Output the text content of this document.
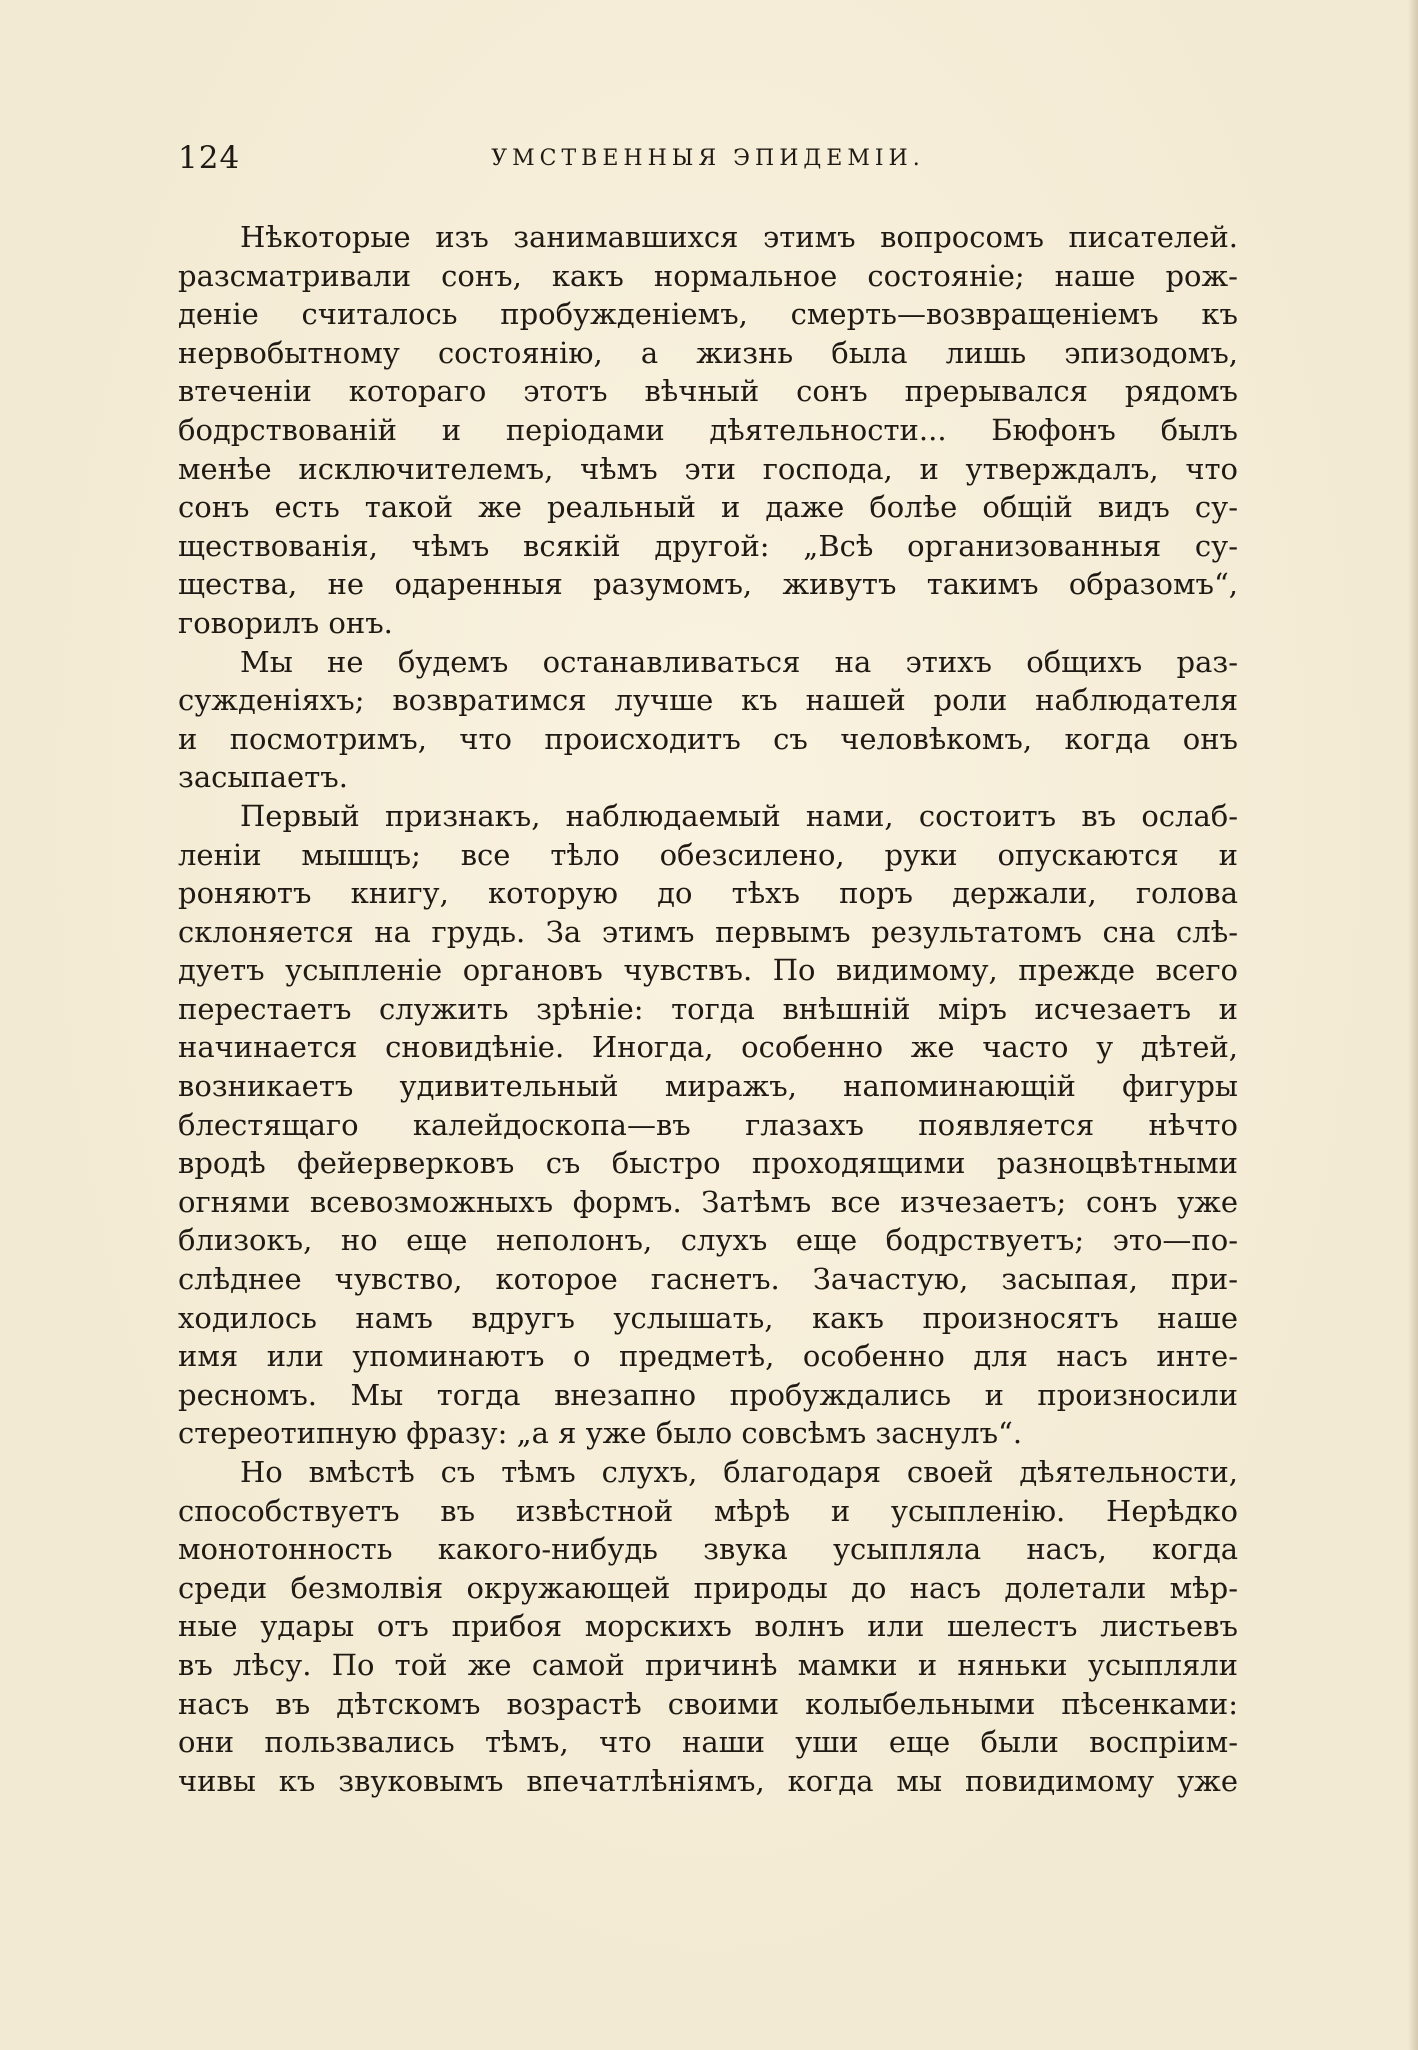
124	УМСТВЕННЫЯ ЭПИДЕМІИ.
Нѣкоторые изъ занимавшихся этимъ вопросомъ писателей.
разсматривали сонъ, какъ нормальное состояніе; наше рож-
деніе считалось пробужденіемъ, смерть—возвращеніемъ къ
нервобытному состоянію, а жизнь была лишь эпизодомъ,
втеченіи котораго этотъ вѣчный сонъ прерывался рядомъ
бодрствованій и періодами дѣятельности... Бюфонъ былъ
менѣе исключителемъ, чѣмъ эти господа, и утверждалъ, что
сонъ есть такой же реальный и даже болѣе общій видъ су-
ществованія, чѣмъ всякій другой: „Всѣ организованныя су-
щества, не одаренныя разумомъ, живутъ такимъ образомъ“,
говорилъ онъ.
Мы не будемъ останавливаться на этихъ общихъ раз-
сужденіяхъ; возвратимся лучше къ нашей роли наблюдателя
и посмотримъ, что происходитъ съ человѣкомъ, когда онъ
засыпаетъ.
Первый признакъ, наблюдаемый нами, состоитъ въ ослаб-
леніи мышцъ; все тѣло обезсилено, руки опускаются и
роняютъ книгу, которую до тѣхъ поръ держали, голова
склоняется на грудь. За этимъ первымъ результатомъ сна слѣ-
дуетъ усыпленіе органовъ чувствъ. По видимому, прежде всего
перестаетъ служить зрѣніе: тогда внѣшній міръ исчезаетъ и
начинается сновидѣніе. Иногда, особенно же часто у дѣтей,
возникаетъ удивительный миражъ, напоминающій фигуры
блестящаго калейдоскопа—въ глазахъ появляется нѣчто
вродѣ фейерверковъ съ быстро проходящими разноцвѣтными
огнями всевозможныхъ формъ. Затѣмъ все изчезаетъ; сонъ уже
близокъ, но еще неполонъ, слухъ еще бодрствуетъ; это—по-
слѣднее чувство, которое гаснетъ. Зачастую, засыпая, при-
ходилось намъ вдругъ услышать, какъ произносятъ наше
имя или упоминаютъ о предметѣ, особенно для насъ инте-
ресномъ. Мы тогда внезапно пробуждались и произносили
стереотипную фразу: „а я уже было совсѣмъ заснулъ“.
Но вмѣстѣ съ тѣмъ слухъ, благодаря своей дѣятельности,
способствуетъ въ извѣстной мѣрѣ и усыпленію. Нерѣдко
монотонность какого-нибудь звука усыпляла насъ, когда
среди безмолвія окружающей природы до насъ долетали мѣр-
ные удары отъ прибоя морскихъ волнъ или шелестъ листьевъ
въ лѣсу. По той же самой причинѣ мамки и няньки усыпляли
насъ въ дѣтскомъ возрастѣ своими колыбельными пѣсенками:
они пользвались тѣмъ, что наши уши еще были воспріим-
чивы къ звуковымъ впечатлѣніямъ, когда мы повидимому уже
